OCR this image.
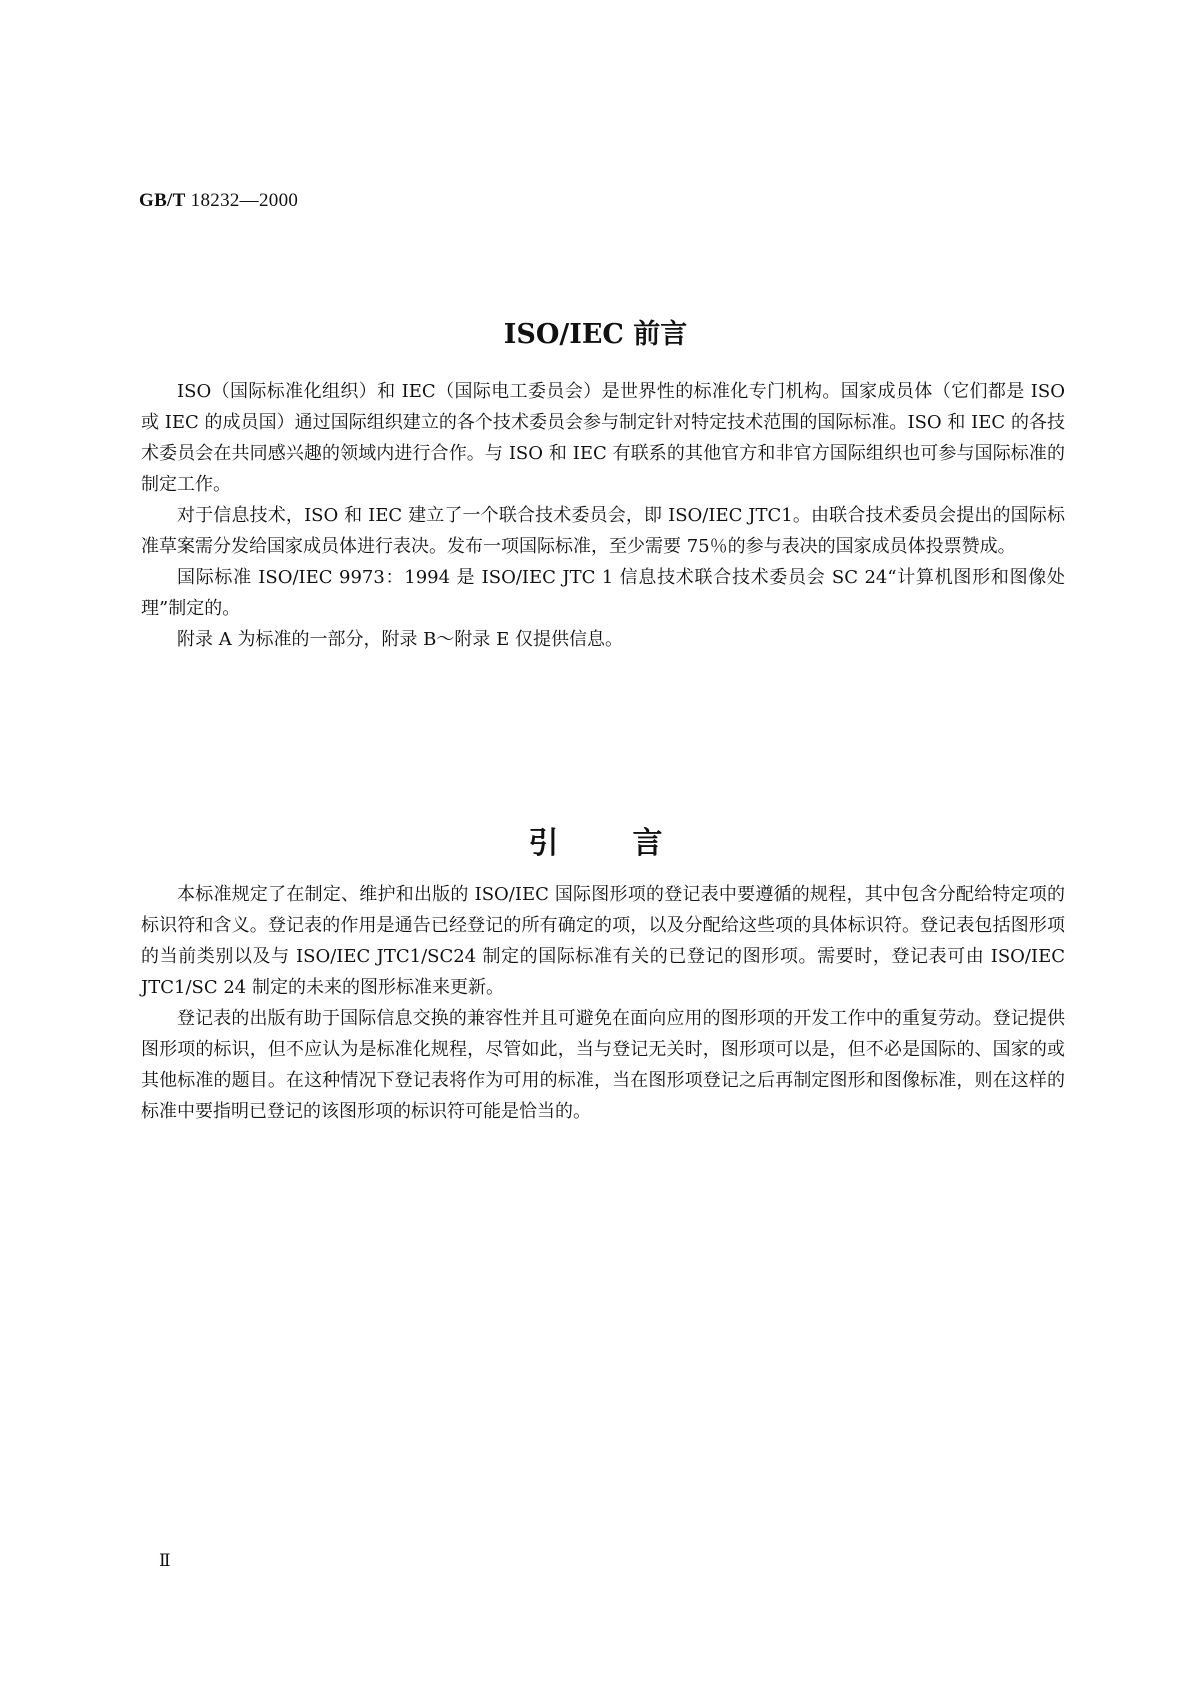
GB/T 18232—2000
ISO/IEC 前言

ISO（国际标准化组织）和 IEC（国际电工委员会）是世界性的标准化专门机构。国家成员体（它们都是 ISO 或 IEC 的成员国）通过国际组织建立的各个技术委员会参与制定针对特定技术范围的国际标准。ISO 和 IEC 的各技术委员会在共同感兴趣的领域内进行合作。与 ISO 和 IEC 有联系的其他官方和非官方国际组织也可参与国际标准的制定工作。

对于信息技术，ISO 和 IEC 建立了一个联合技术委员会，即 ISO/IEC JTC1。由联合技术委员会提出的国际标准草案需分发给国家成员体进行表决。发布一项国际标准，至少需要 75％的参与表决的国家成员体投票赞成。

国际标准 ISO/IEC 9973：1994 是 ISO/IEC JTC 1 信息技术联合技术委员会 SC 24“计算机图形和图像处理”制定的。

附录 A 为标准的一部分，附录 B～附录 E 仅提供信息。

引言

本标准规定了在制定、维护和出版的 ISO/IEC 国际图形项的登记表中要遵循的规程，其中包含分配给特定项的标识符和含义。登记表的作用是通告已经登记的所有确定的项，以及分配给这些项的具体标识符。登记表包括图形项的当前类别以及与 ISO/IEC JTC1/SC24 制定的国际标准有关的已登记的图形项。需要时，登记表可由 ISO/IEC JTC1/SC 24 制定的未来的图形标准来更新。

登记表的出版有助于国际信息交换的兼容性并且可避免在面向应用的图形项的开发工作中的重复劳动。登记提供图形项的标识，但不应认为是标准化规程，尽管如此，当与登记无关时，图形项可以是，但不必是国际的、国家的或其他标准的题目。在这种情况下登记表将作为可用的标准，当在图形项登记之后再制定图形和图像标准，则在这样的标准中要指明已登记的该图形项的标识符可能是恰当的。

Ⅱ
